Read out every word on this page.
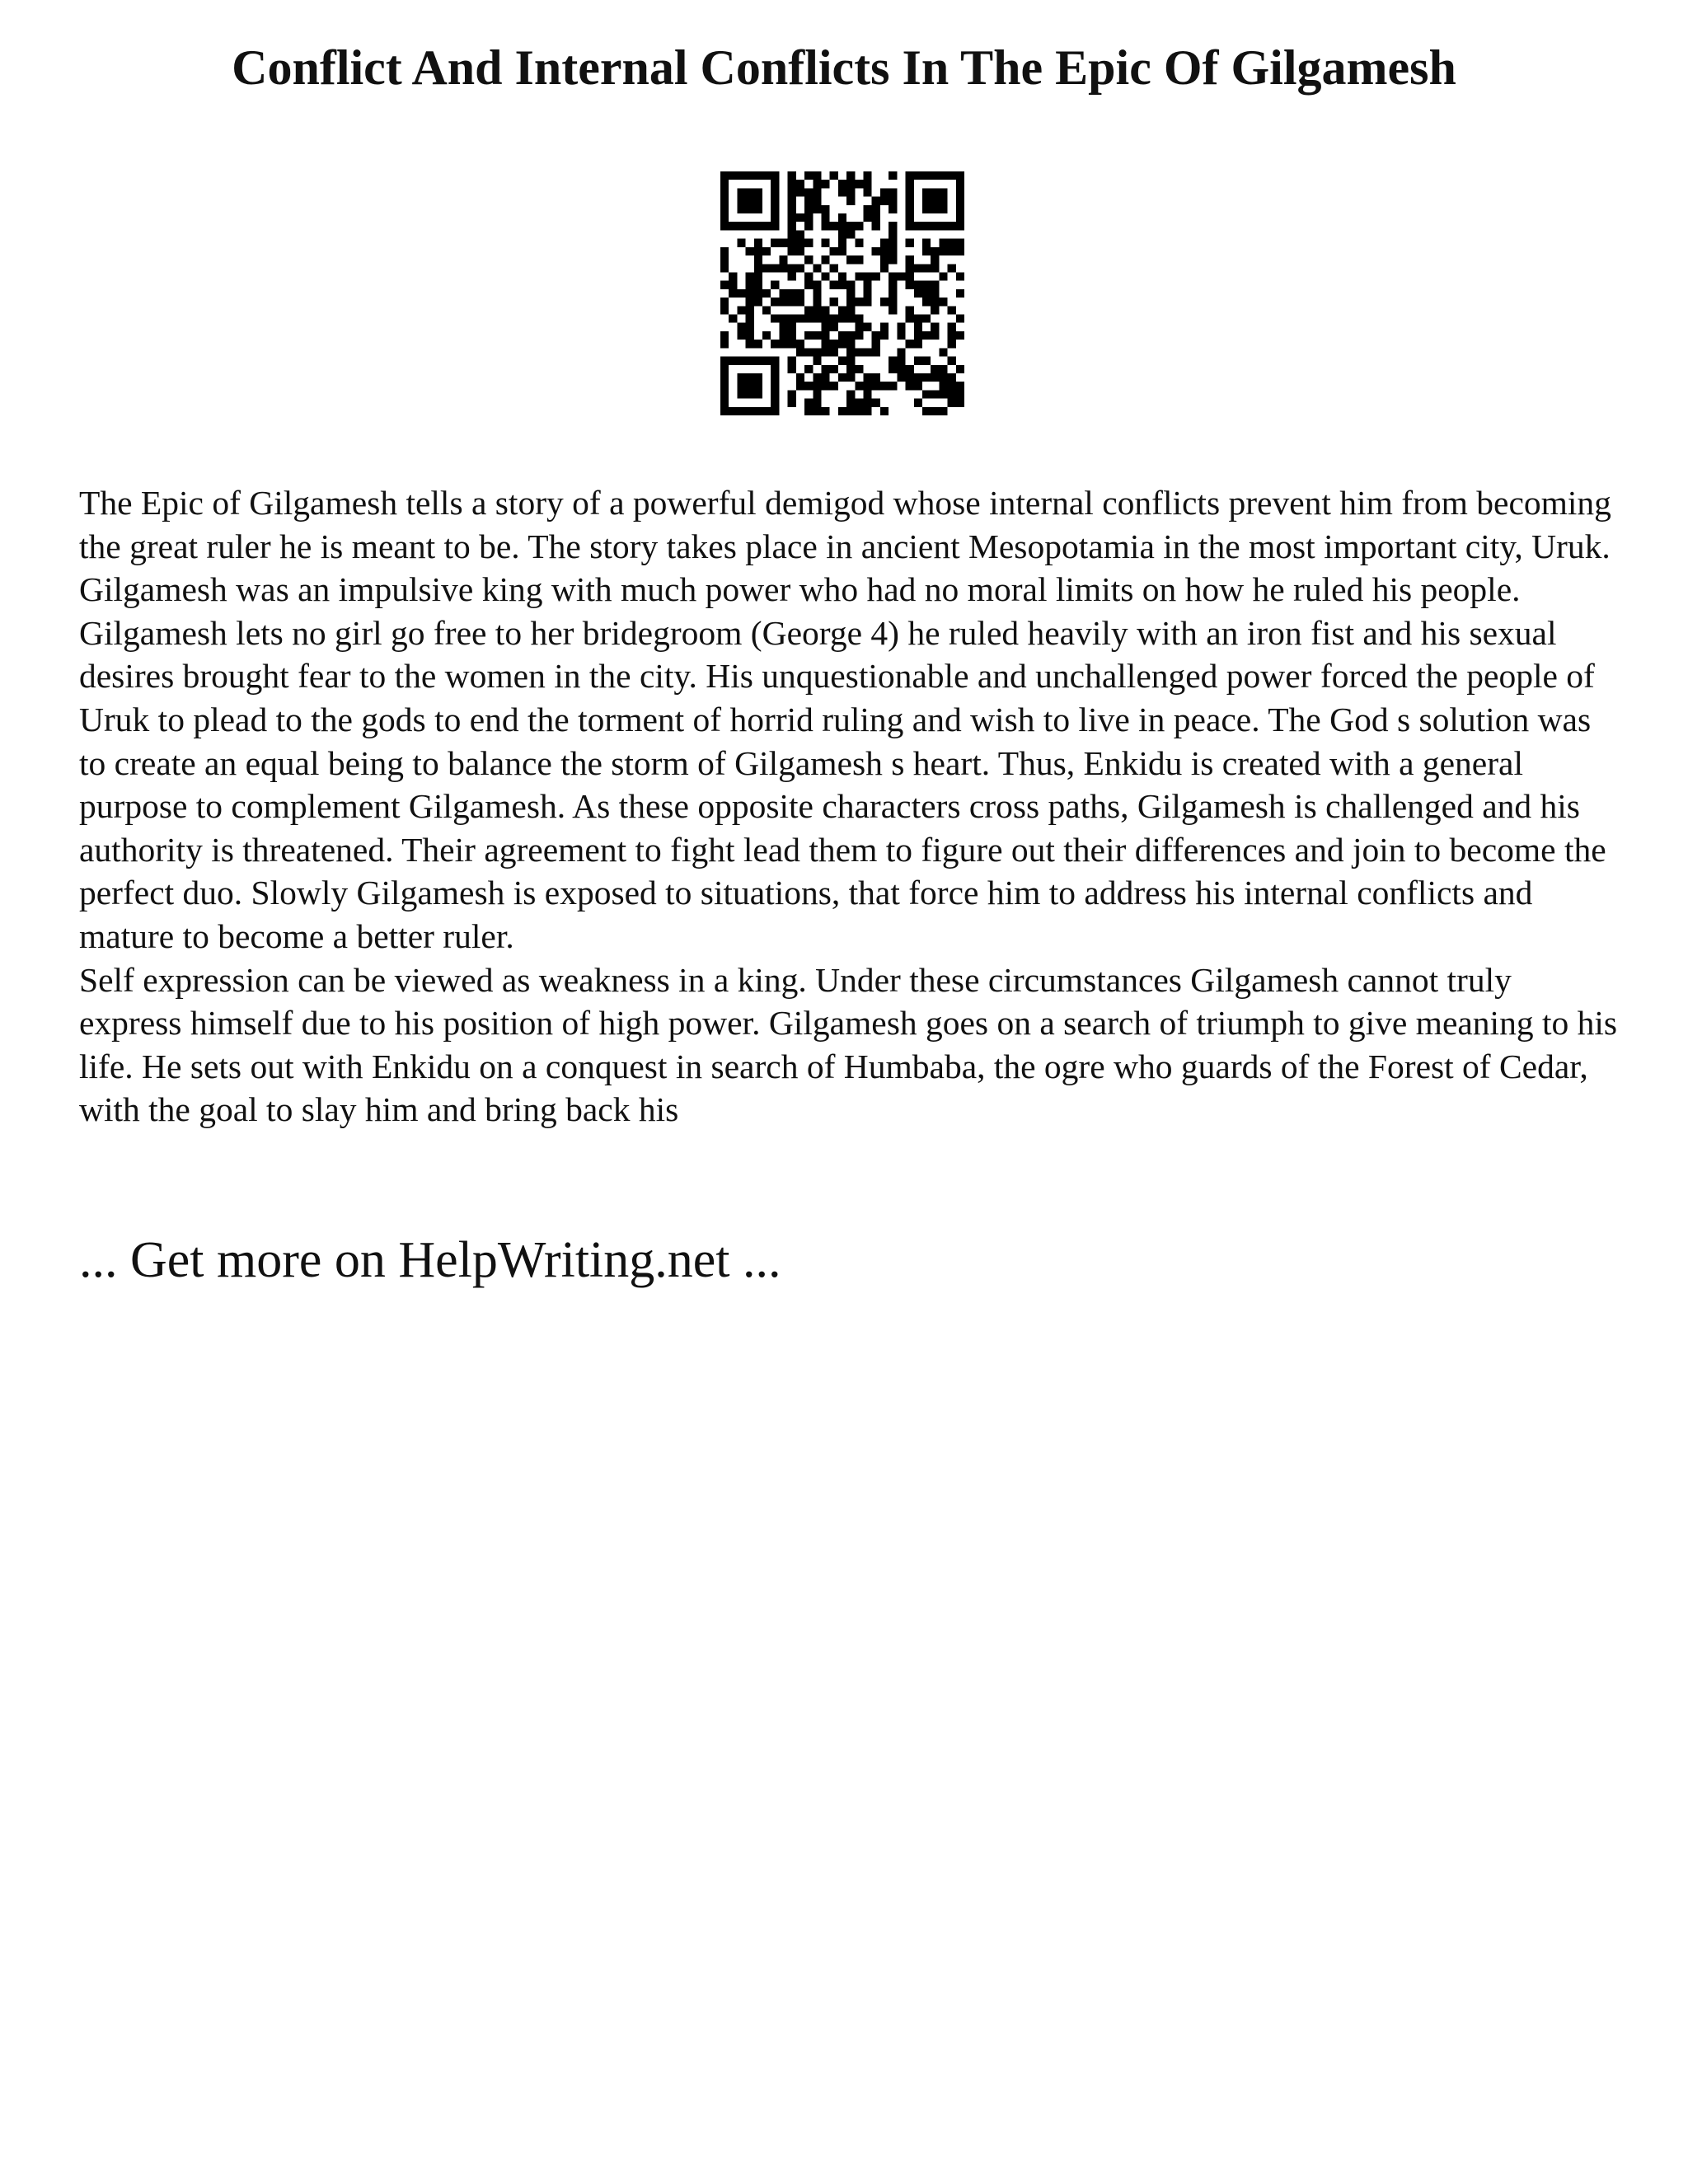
Conflict And Internal Conflicts In The Epic Of Gilgamesh

The Epic of Gilgamesh tells a story of a powerful demigod whose internal conflicts prevent him from becoming the great ruler he is meant to be. The story takes place in ancient Mesopotamia in the most important city, Uruk. Gilgamesh was an impulsive king with much power who had no moral limits on how he ruled his people. Gilgamesh lets no girl go free to her bridegroom (George 4) he ruled heavily with an iron fist and his sexual desires brought fear to the women in the city. His unquestionable and unchallenged power forced the people of Uruk to plead to the gods to end the torment of horrid ruling and wish to live in peace. The God s solution was to create an equal being to balance the storm of Gilgamesh s heart. Thus, Enkidu is created with a general purpose to complement Gilgamesh. As these opposite characters cross paths, Gilgamesh is challenged and his authority is threatened. Their agreement to fight lead them to figure out their differences and join to become the perfect duo. Slowly Gilgamesh is exposed to situations, that force him to address his internal conflicts and mature to become a better ruler.

Self expression can be viewed as weakness in a king. Under these circumstances Gilgamesh cannot truly express himself due to his position of high power. Gilgamesh goes on a search of triumph to give meaning to his life. He sets out with Enkidu on a conquest in search of Humbaba, the ogre who guards of the Forest of Cedar, with the goal to slay him and bring back his

... Get more on HelpWriting.net ...
